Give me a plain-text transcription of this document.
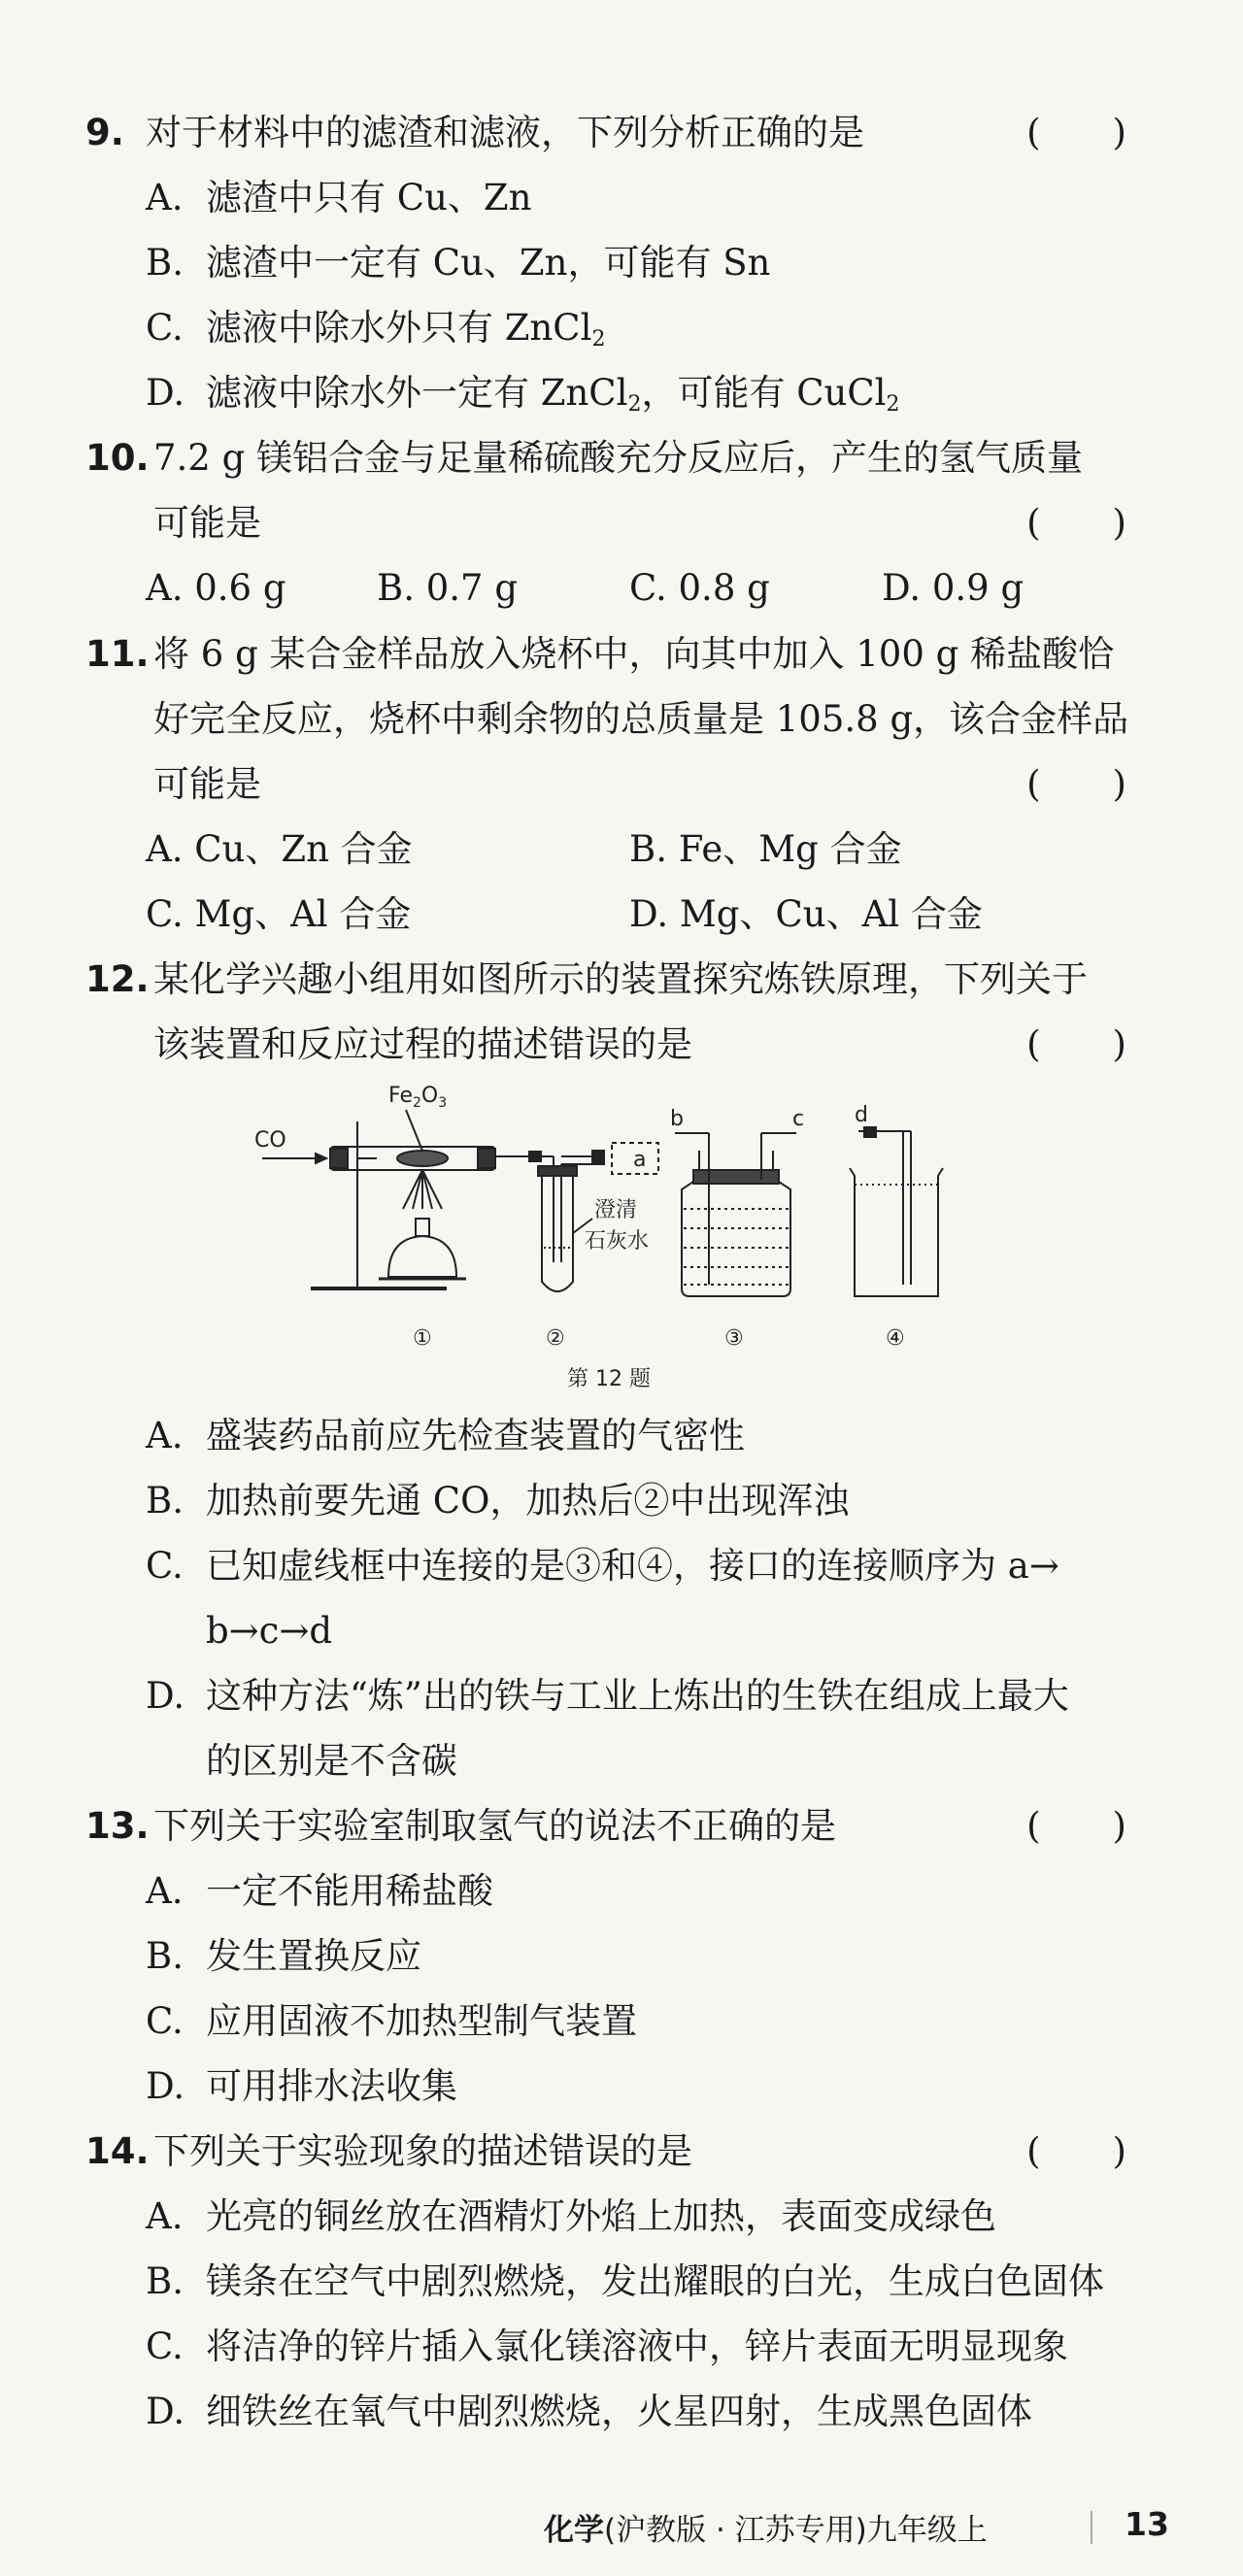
9. 对于材料中的滤渣和滤液，下列分析正确的是	(　　)
A. 滤渣中只有 Cu、Zn
B. 滤渣中一定有 Cu、Zn，可能有 Sn
C. 滤液中除水外只有 ZnCl$_2$
D. 滤液中除水外一定有 ZnCl$_2$，可能有 CuCl$_2$
10. 7.2 g 镁铝合金与足量稀硫酸充分反应后，产生的氢气质量
可能是	(　　)
A. 0.6 g	B. 0.7 g	C. 0.8 g	D. 0.9 g
11. 将 6 g 某合金样品放入烧杯中，向其中加入 100 g 稀盐酸恰
好完全反应，烧杯中剩余物的总质量是 105.8 g，该合金样品
可能是	(　　)
A. Cu、Zn 合金	B. Fe、Mg 合金
C. Mg、Al 合金	D. Mg、Cu、Al 合金
12. 某化学兴趣小组用如图所示的装置探究炼铁原理，下列关于
该装置和反应过程的描述错误的是	(　　)
CO
$Fe_2O_3$
a
b	c d
澄清
石灰水
①	②	③	④
第 12 题
A. 盛装药品前应先检查装置的气密性
B. 加热前要先通 CO，加热后②中出现浑浊
C. 已知虚线框中连接的是③和④，接口的连接顺序为 a→
b→c→d
D. 这种方法“炼”出的铁与工业上炼出的生铁在组成上最大
的区别是不含碳
13. 下列关于实验室制取氢气的说法不正确的是	(　　)
A. 一定不能用稀盐酸
B. 发生置换反应
C. 应用固液不加热型制气装置
D. 可用排水法收集
14. 下列关于实验现象的描述错误的是	(　　)
A. 光亮的铜丝放在酒精灯外焰上加热，表面变成绿色
B. 镁条在空气中剧烈燃烧，发出耀眼的白光，生成白色固体
C. 将洁净的锌片插入氯化镁溶液中，锌片表面无明显现象
D. 细铁丝在氧气中剧烈燃烧，火星四射，生成黑色固体
化学(沪教版 · 江苏专用)九年级上	13
